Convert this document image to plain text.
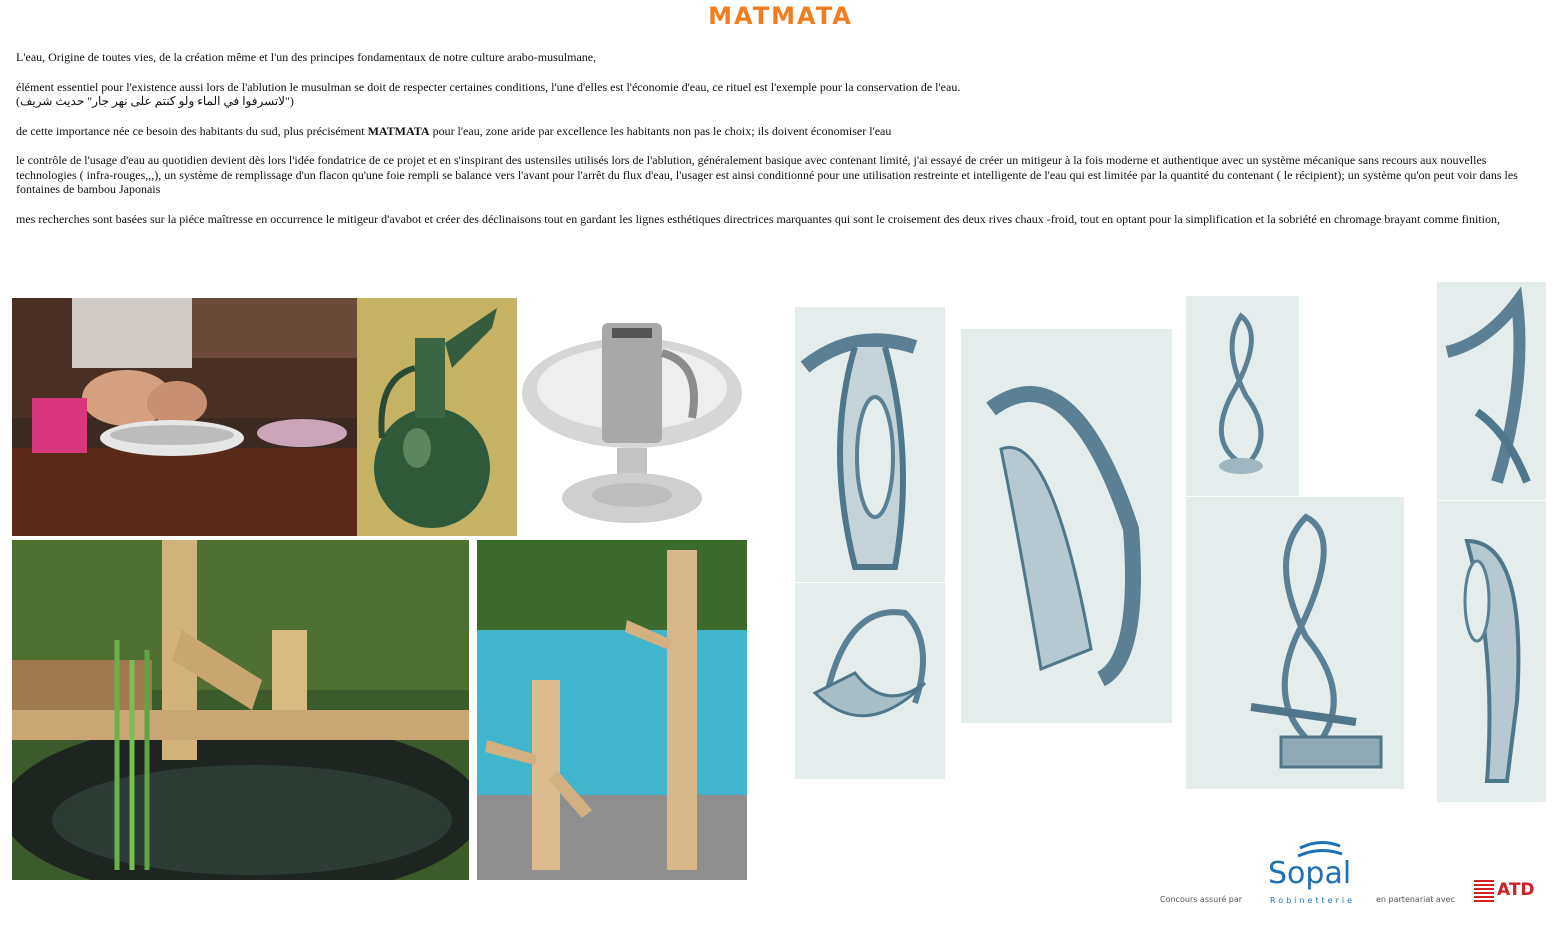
MATMATA
L'eau, Origine de toutes vies, de la création même et l'un des principes fondamentaux de notre culture arabo-musulmane,
élément essentiel pour l'existence aussi lors de l'ablution le musulman se doit de respecter certaines conditions, l'une d'elles est l'économie d'eau, ce rituel est l'exemple pour la conservation de l'eau.
("لاتسرفوا في الماء ولو كنتم على نهر جار" حديث شريف)
de cette importance née ce besoin des habitants du sud, plus précisément MATMATA pour l'eau, zone aride par excellence les habitants non pas le choix; ils doivent économiser l'eau
le contrôle de l'usage d'eau au quotidien devient dès lors l'idée fondatrice de ce projet et en s'inspirant des ustensiles utilisés lors de l'ablution, généralement basique avec contenant limité, j'ai essayé de créer un mitigeur à la fois moderne et authentique avec un système mécanique sans recours aux nouvelles technologies ( infra-rouges,,,), un système de remplissage d'un flacon qu'une foie rempli se balance vers l'avant pour l'arrêt du flux d'eau, l'usager est ainsi conditionné pour une utilisation restreinte et intelligente de l'eau qui est limitée par la quantité du contenant ( le récipient); un système qu'on peut voir dans les fontaines de bambou Japonais
mes recherches sont basées sur la piéce maîtresse en occurrence le mitigeur d'avabot et créer des déclinaisons tout en gardant les lignes esthétiques directrices marquantes qui sont le croisement des deux rives chaux -froid, tout en optant pour la simplification et la sobriété en chromage brayant comme finition,
Concours assuré par
Sopal
Robinetterie	en partenariat avec ATD
